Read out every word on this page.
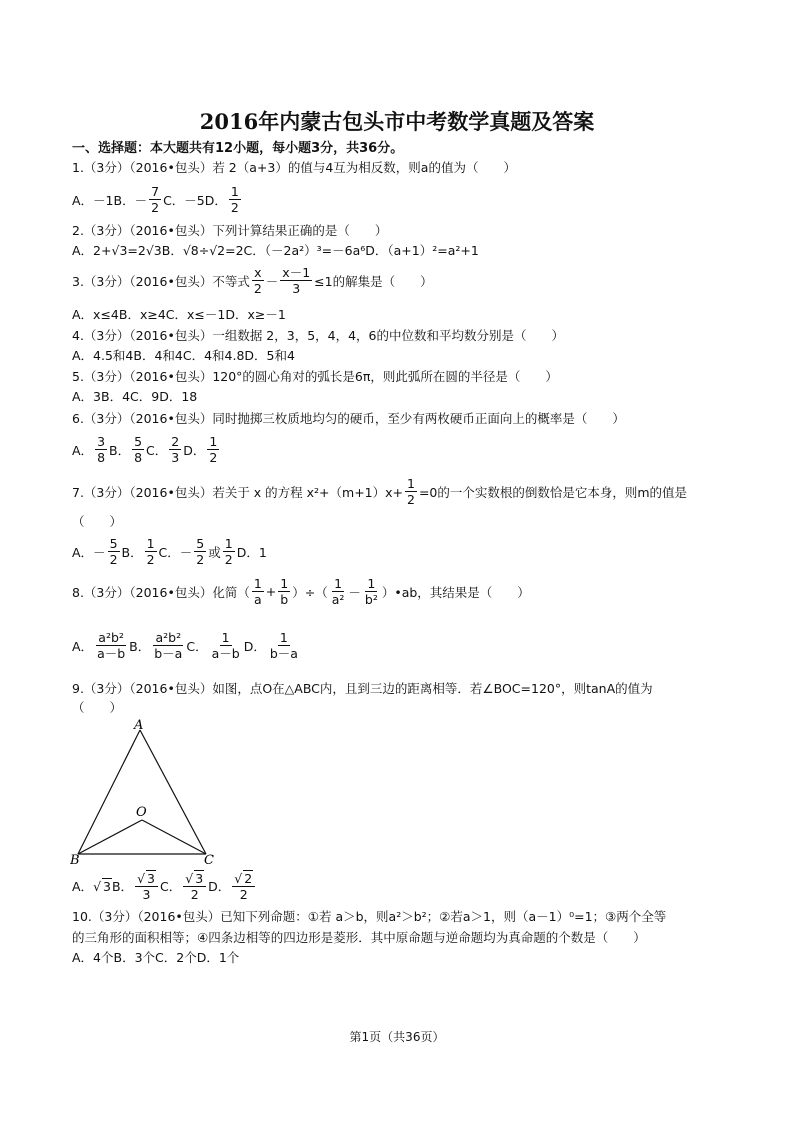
2016年内蒙古包头市中考数学真题及答案
一、选择题：本大题共有12小题，每小题3分，共36分。
1.（3分）（2016•包头）若 2（a+3）的值与4互为相反数，则a的值为（　　）
A．－1 B． － $\frac{7}{2}$ C．－5 D． $\frac{1}{2}$
2.（3分）（2016•包头）下列计算结果正确的是（　　）
A．2+√3=2√3B．√8÷√2=2C．（－2a²）³=－6a⁶D．（a+1）²=a²+1
3.（3分）（2016•包头）不等式 $\frac{x}{2} - \frac{x-1}{3} \le 1$的解集是（　　）
A．x≤4B．x≥4C．x≤－1D．x≥－1
4.（3分）（2016•包头）一组数据 2，3，5，4，4，6的中位数和平均数分别是（　　）
A．4.5和4B．4和4C．4和4.8D．5和4
5.（3分）（2016•包头）120°的圆心角对的弧长是6π，则此弧所在圆的半径是（　　）
A．3B．4C．9D．18
6.（3分）（2016•包头）同时抛掷三枚质地均匀的硬币，至少有两枚硬币正面向上的概率是（　　）
A． $\frac{3}{8}$ B． $\frac{5}{8}$ C． $\frac{2}{3}$ D． $\frac{1}{2}$
7.（3分）（2016•包头）若关于 x 的方程 $x^2+(m+1)x+ \frac{1}{2} =0$的一个实数根的倒数恰是它本身，则m的值是
（　　）
A．－ $\frac{5}{2}$ B． $\frac{1}{2}$ C．－ $\frac{5}{2}$ 或 $\frac{1}{2}$ D．1
8.（3分）（2016•包头）化简（ $\frac{1}{a} + \frac{1}{b}$ ）÷（ $\frac{1}{\text{a²}} - \frac{1}{\text{b²}}$ ）•ab，其结果是（　　）
A． $\frac{\text{a²b²}}{a-b}$ B． $\frac{\text{a²b²}}{b-a}$ C． $\frac{1}{a-b}$ D． $\frac{1}{b-a}$
9.（3分）（2016•包头）如图，点O在△ABC内，且到三边的距离相等．若∠BOC=120°，则tanA的值为
（　　）
A
B	C
O
A． √ 3 B． $\frac{√ 3}{3}$ C． $\frac{√ 3}{2}$ D． $\frac{√ 2}{2}$
10.（3分）（2016•包头）已知下列命题：①若 a＞b，则a²＞b²；②若a＞1，则（a－1）⁰=1；③两个全等
的三角形的面积相等；④四条边相等的四边形是菱形．其中原命题与逆命题均为真命题的个数是（　　）
A．4个B．3个C．2个D．1个
第1页（共36页）
